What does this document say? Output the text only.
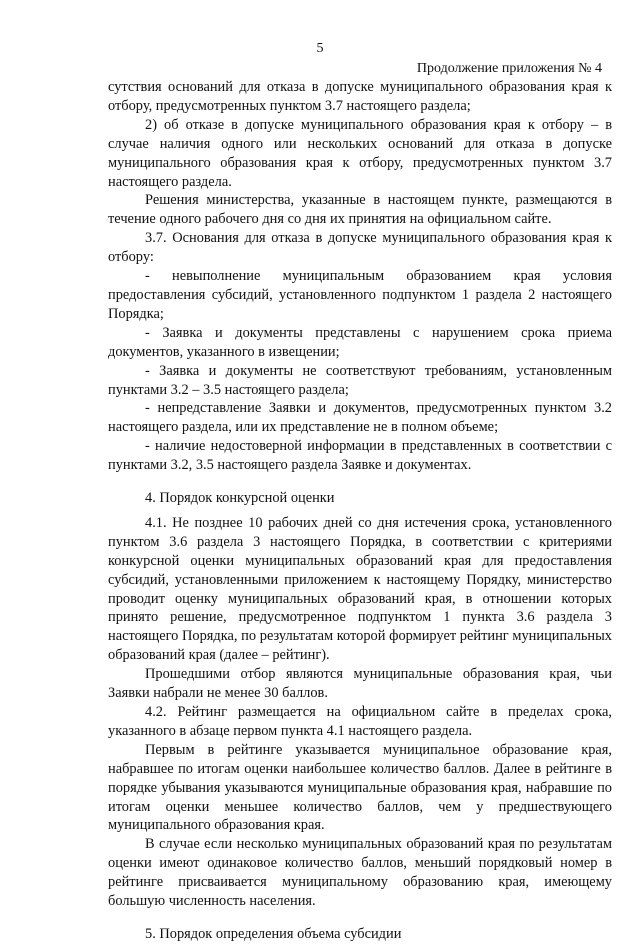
5
Продолжение приложения № 4

сутствия оснований для отказа в допуске муниципального образования края к отбору, предусмотренных пунктом 3.7 настоящего раздела;

2) об отказе в допуске муниципального образования края к отбору – в случае наличия одного или нескольких оснований для отказа в допуске муниципального образования края к отбору, предусмотренных пунктом 3.7 настоящего раздела.

Решения министерства, указанные в настоящем пункте, размещаются в течение одного рабочего дня со дня их принятия на официальном сайте.

3.7. Основания для отказа в допуске муниципального образования края к отбору:

- невыполнение муниципальным образованием края условия предоставления субсидий, установленного подпунктом 1 раздела 2 настоящего Порядка;

- Заявка и документы представлены с нарушением срока приема документов, указанного в извещении;

- Заявка и документы не соответствуют требованиям, установленным пунктами 3.2 – 3.5 настоящего раздела;

- непредставление Заявки и документов, предусмотренных пунктом 3.2 настоящего раздела, или их представление не в полном объеме;

- наличие недостоверной информации в представленных в соответствии с пунктами 3.2, 3.5 настоящего раздела Заявке и документах.

4. Порядок конкурсной оценки

4.1. Не позднее 10 рабочих дней со дня истечения срока, установленного пунктом 3.6 раздела 3 настоящего Порядка, в соответствии с критериями конкурсной оценки муниципальных образований края для предоставления субсидий, установленными приложением к настоящему Порядку, министерство проводит оценку муниципальных образований края, в отношении которых принято решение, предусмотренное подпунктом 1 пункта 3.6 раздела 3 настоящего Порядка, по результатам которой формирует рейтинг муниципальных образований края (далее – рейтинг).

Прошедшими отбор являются муниципальные образования края, чьи Заявки набрали не менее 30 баллов.

4.2. Рейтинг размещается на официальном сайте в пределах срока, указанного в абзаце первом пункта 4.1 настоящего раздела.

Первым в рейтинге указывается муниципальное образование края, набравшее по итогам оценки наибольшее количество баллов. Далее в рейтинге в порядке убывания указываются муниципальные образования края, набравшие по итогам оценки меньшее количество баллов, чем у предшествующего муниципального образования края.

В случае если несколько муниципальных образований края по результатам оценки имеют одинаковое количество баллов, меньший порядковый номер в рейтинге присваивается муниципальному образованию края, имеющему большую численность населения.

5. Порядок определения объема субсидии
